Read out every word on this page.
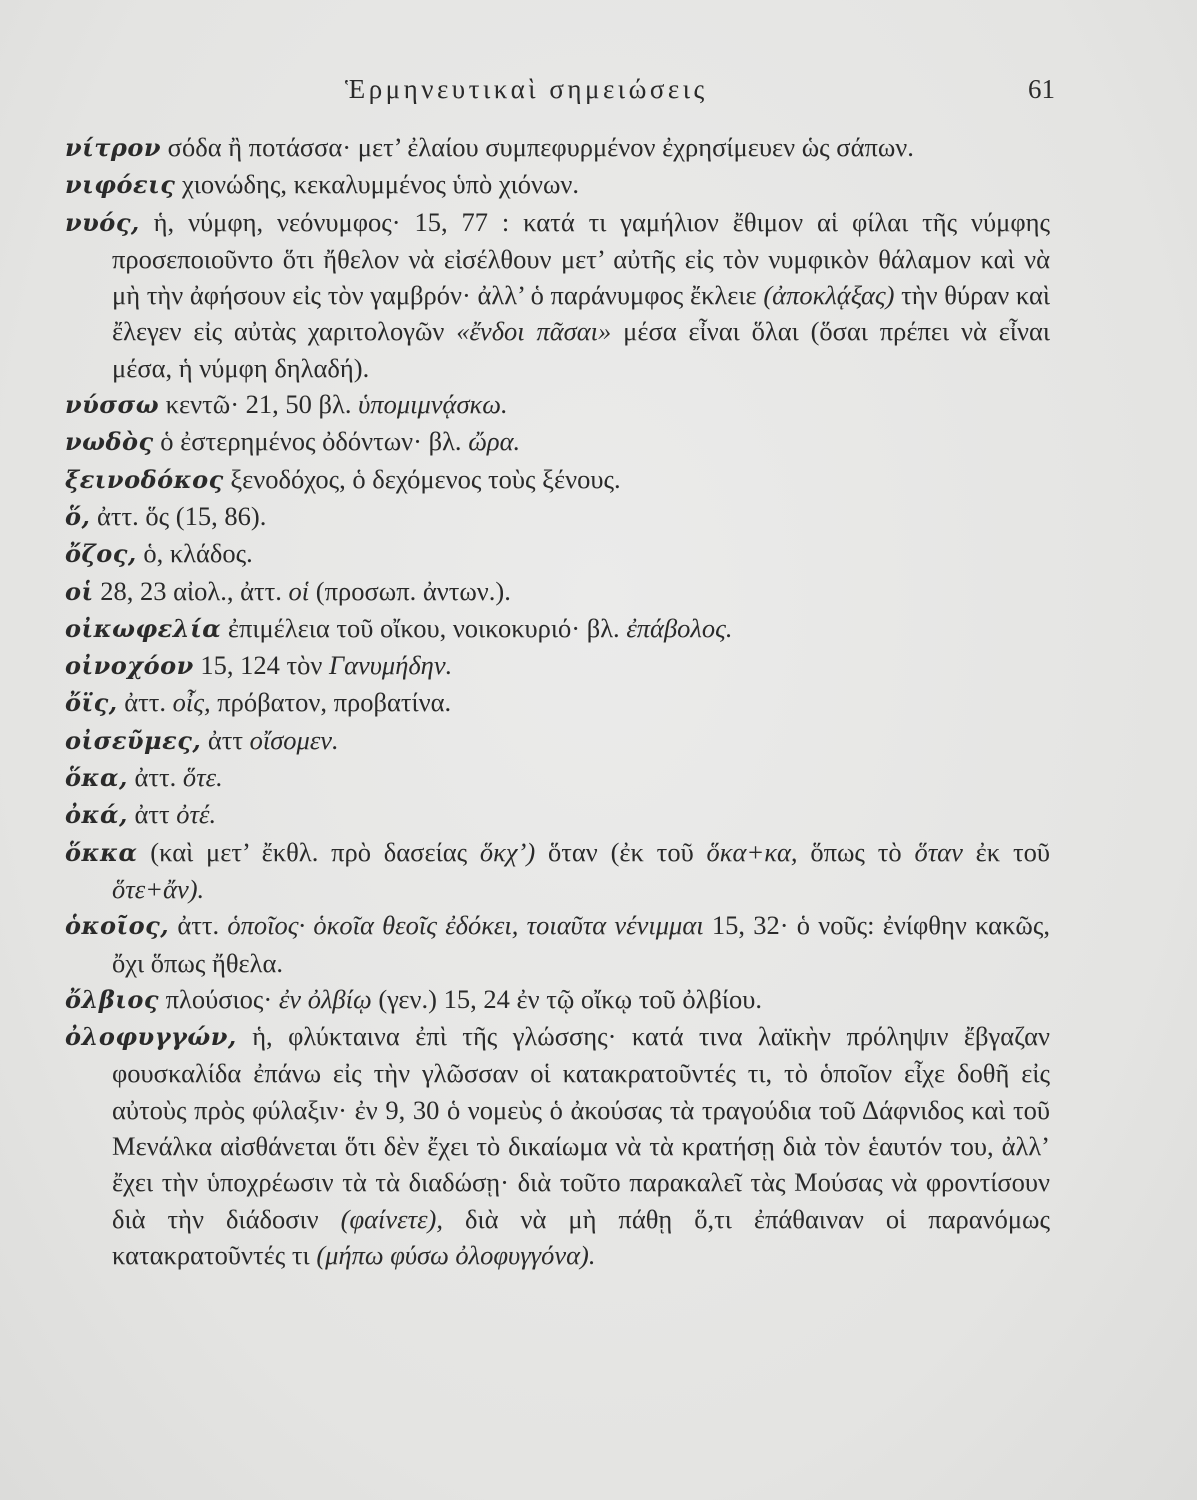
Ἑρμηνευτικαὶ σημειώσεις	61
νίτρον σόδα ἢ ποτάσσα· μετ’ ἐλαίου συμπεφυρμένον ἐχρησίμευεν ὡς σάπων.
νιφόεις χιονώδης, κεκαλυμμένος ὑπὸ χιόνων.
νυός, ἡ, νύμφη, νεόνυμφος· 15, 77 : κατά τι γαμήλιον ἔθιμον αἱ φίλαι τῆς νύμφης προσεποιοῦντο ὅτι ἤθελον νὰ εἰσέλθουν μετ’ αὐτῆς εἰς τὸν νυμφικὸν θάλαμον καὶ νὰ μὴ τὴν ἀφήσουν εἰς τὸν γαμβρόν· ἀλλ’ ὁ παράνυμφος ἔκλειε (ἀποκλᾴξας) τὴν θύραν καὶ ἔλεγεν εἰς αὐτὰς χαριτολογῶν «ἔνδοι πᾶσαι» μέσα εἶναι ὅλαι (ὅσαι πρέπει νὰ εἶναι μέσα, ἡ νύμφη δηλαδή).
νύσσω κεντῶ· 21, 50 βλ. ὑπομιμνᾴσκω.
νωδὸς ὁ ἐστερημένος ὀδόντων· βλ. ὤρα.
ξεινοδόκος ξενοδόχος, ὁ δεχόμενος τοὺς ξένους.
ὅ, ἀττ. ὅς (15, 86).
ὄζος, ὁ, κλάδος.
οἱ 28, 23 αἰολ., ἀττ. οἱ (προσωπ. ἀντων.).
οἰκωφελία ἐπιμέλεια τοῦ οἴκου, νοικοκυριό· βλ. ἐπάβολος.
οἰνοχόον 15, 124 τὸν Γανυμήδην.
ὄϊς, ἀττ. οἶς, πρόβατον, προβατίνα.
οἰσεῦμες, ἀττ οἴσομεν.
ὅκα, ἀττ. ὅτε.
ὀκά, ἀττ ὀτέ.
ὅκκα (καὶ μετ’ ἔκθλ. πρὸ δασείας ὅκχ’) ὅταν (ἐκ τοῦ ὅκα+κα, ὅπως τὸ ὅταν ἐκ τοῦ ὅτε+ἄν).
ὁκοῖος, ἀττ. ὁποῖος· ὁκοῖα θεοῖς ἐδόκει, τοιαῦτα νένιμμαι 15, 32· ὁ νοῦς: ἐνίφθην κακῶς, ὄχι ὅπως ἤθελα.
ὄλβιος πλούσιος· ἐν ὀλβίῳ (γεν.) 15, 24 ἐν τῷ οἴκῳ τοῦ ὀλβίου.
ὀλοφυγγών, ἡ, φλύκταινα ἐπὶ τῆς γλώσσης· κατά τινα λαϊκὴν πρόληψιν ἔβγαζαν φουσκαλίδα ἐπάνω εἰς τὴν γλῶσσαν οἱ κατακρατοῦντές τι, τὸ ὁποῖον εἶχε δοθῆ εἰς αὐτοὺς πρὸς φύλαξιν· ἐν 9, 30 ὁ νομεὺς ὁ ἀκούσας τὰ τραγούδια τοῦ Δάφνιδος καὶ τοῦ Μενάλκα αἰσθάνεται ὅτι δὲν ἔχει τὸ δικαίωμα νὰ τὰ κρατήσῃ διὰ τὸν ἑαυτόν του, ἀλλ’ ἔχει τὴν ὑποχρέωσιν τὰ τὰ διαδώσῃ· διὰ τοῦτο παρακαλεῖ τὰς Μούσας νὰ φροντίσουν διὰ τὴν διάδοσιν (φαίνετε), διὰ νὰ μὴ πάθῃ ὅ,τι ἐπάθαιναν οἱ παρανόμως κατακρατοῦντές τι (μήπω φύσω ὀλοφυγγόνα).
